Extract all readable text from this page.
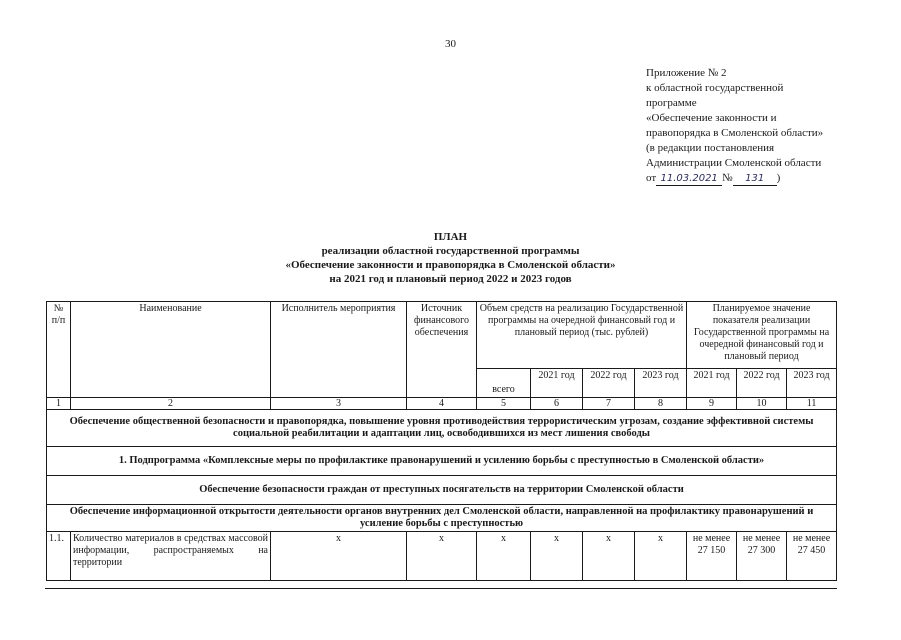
30
Приложение № 2
к областной государственной
программе
«Обеспечение законности и
правопорядка в Смоленской области»
(в редакции постановления
Администрации Смоленской области
от 11.03.2021 № 131 )
ПЛАН
реализации областной государственной программы
«Обеспечение законности и правопорядка в Смоленской области»
на 2021 год и плановый период 2022 и 2023 годов
№ п/п	Наименование	Исполнитель мероприятия	Источник финансового обеспечения	Объем средств на реализацию Государственной программы на очередной финансовый год и плановый период (тыс. рублей)				Планируемое значение показателя реализации Государственной программы на очередной финансовый год и плановый период		
				всего	2021 год	2022 год	2023 год	2021 год	2022 год	2023 год
1	2	3	4	5	6	7	8	9	10	11
Обеспечение общественной безопасности и правопорядка, повышение уровня противодействия террористическим угрозам, создание эффективной системы социальной реабилитации и адаптации лиц, освободившихся из мест лишения свободы										
1. Подпрограмма «Комплексные меры по профилактике правонарушений и усилению борьбы с преступностью в Смоленской области»										
Обеспечение безопасности граждан от преступных посягательств на территории Смоленской области										
Обеспечение информационной открытости деятельности органов внутренних дел Смоленской области, направленной на профилактику правонарушений и усиление борьбы с преступностью										
1.1.	Количество материалов в средствах массовой информации, распространяемых на территории	х	х	х	х	х	х	не менее 27 150	не менее 27 300	не менее 27 450
